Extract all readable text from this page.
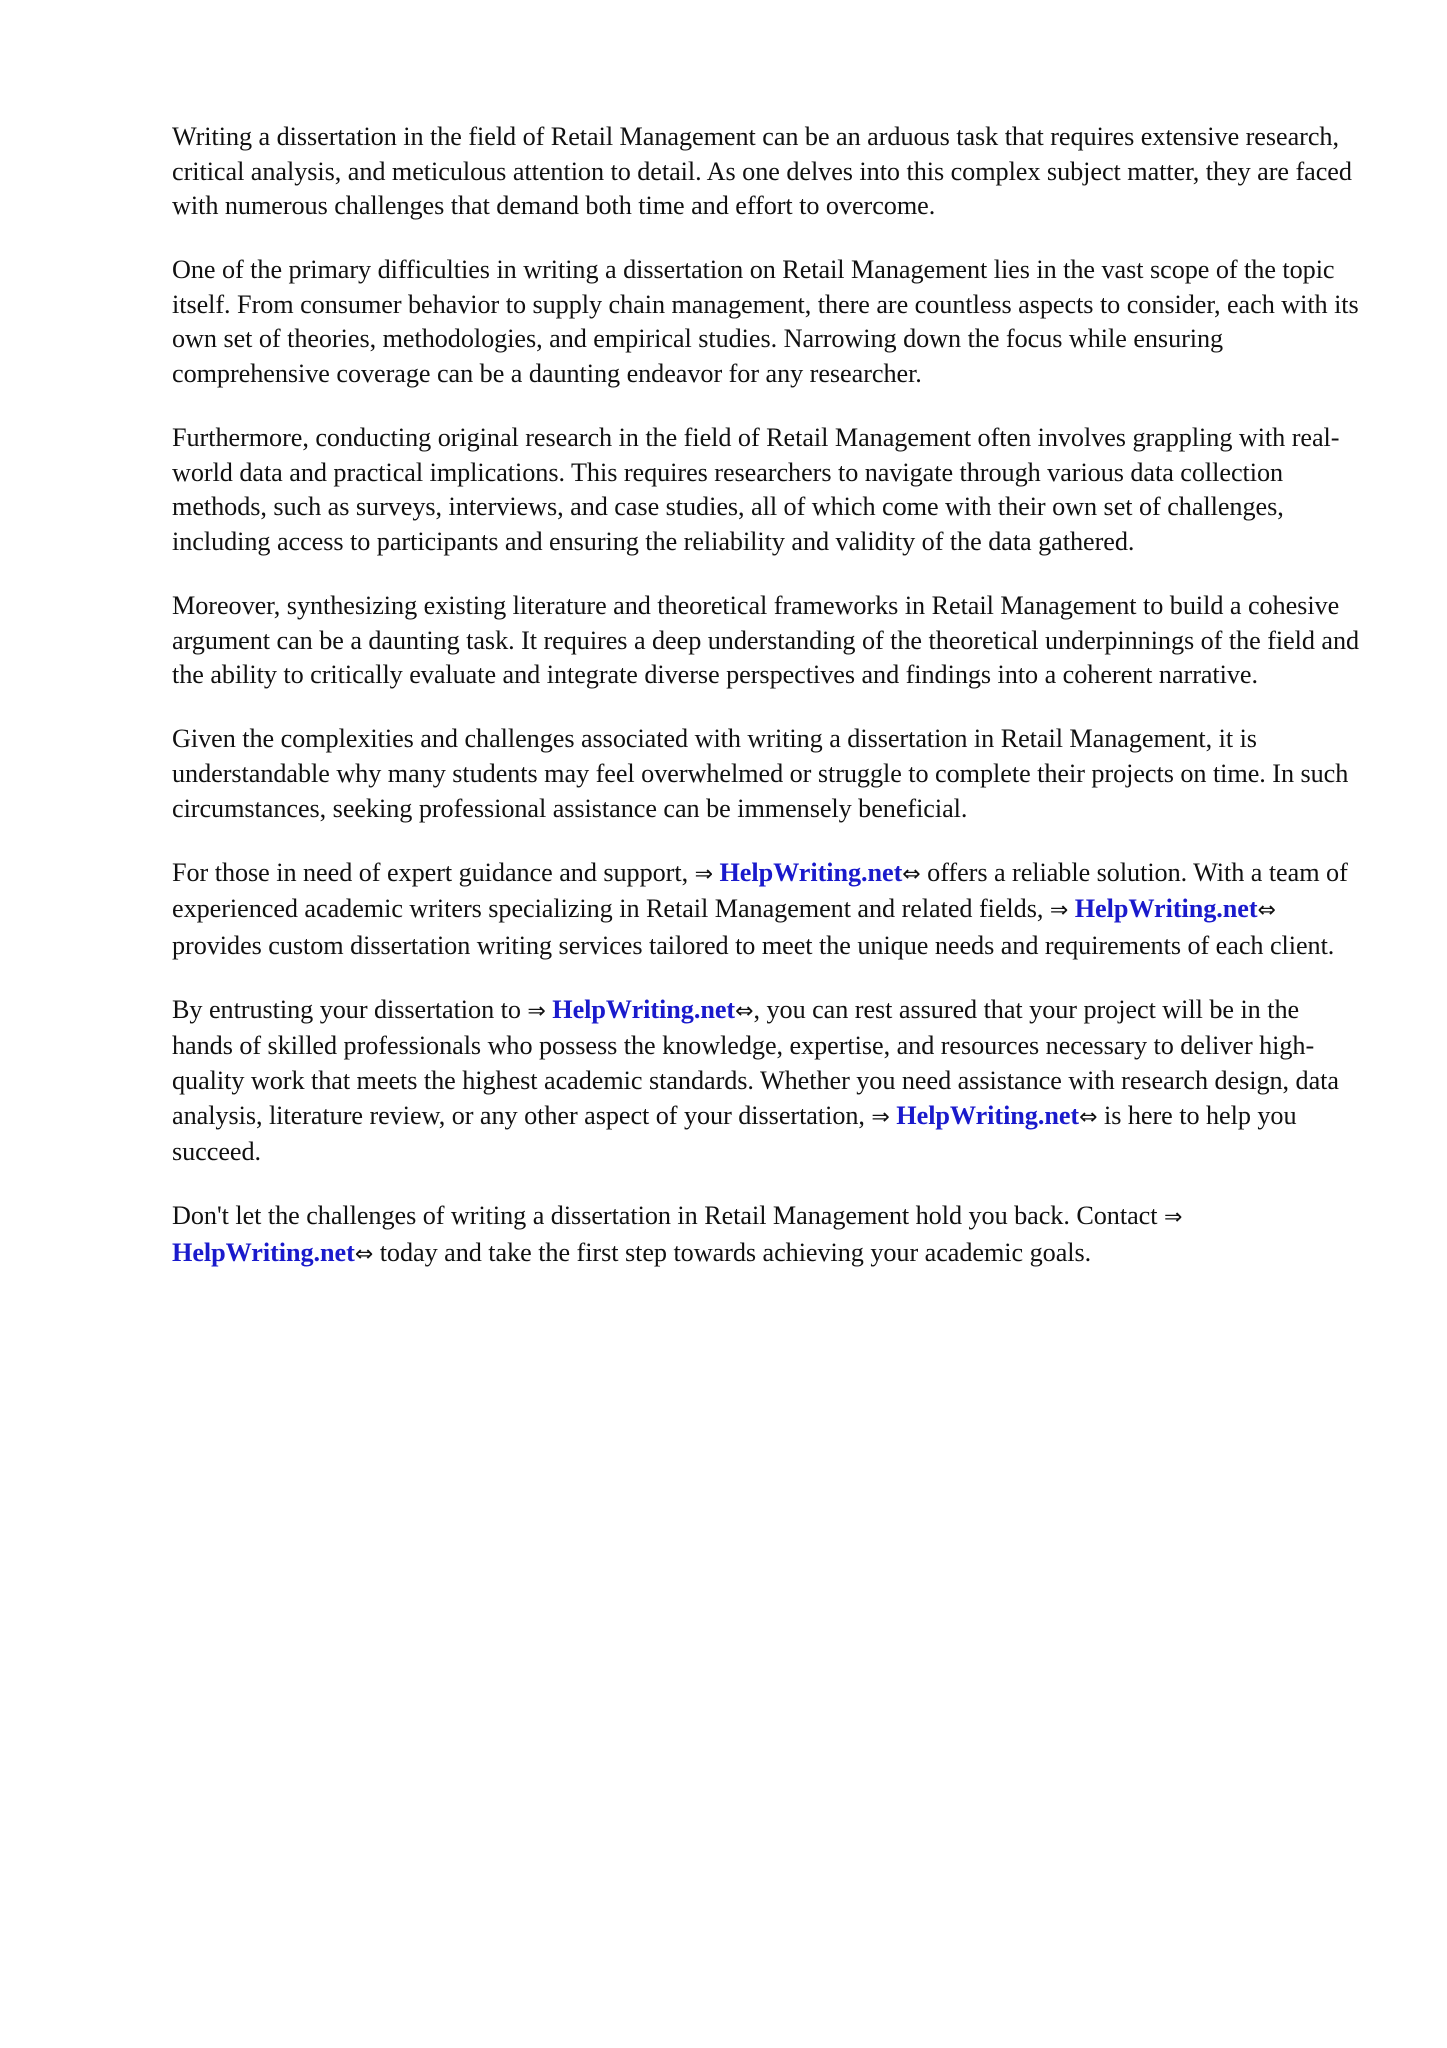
Writing a dissertation in the field of Retail Management can be an arduous task that requires extensive research, critical analysis, and meticulous attention to detail. As one delves into this complex subject matter, they are faced with numerous challenges that demand both time and effort to overcome.

One of the primary difficulties in writing a dissertation on Retail Management lies in the vast scope of the topic itself. From consumer behavior to supply chain management, there are countless aspects to consider, each with its own set of theories, methodologies, and empirical studies. Narrowing down the focus while ensuring comprehensive coverage can be a daunting endeavor for any researcher.

Furthermore, conducting original research in the field of Retail Management often involves grappling with real-world data and practical implications. This requires researchers to navigate through various data collection methods, such as surveys, interviews, and case studies, all of which come with their own set of challenges, including access to participants and ensuring the reliability and validity of the data gathered.

Moreover, synthesizing existing literature and theoretical frameworks in Retail Management to build a cohesive argument can be a daunting task. It requires a deep understanding of the theoretical underpinnings of the field and the ability to critically evaluate and integrate diverse perspectives and findings into a coherent narrative.

Given the complexities and challenges associated with writing a dissertation in Retail Management, it is understandable why many students may feel overwhelmed or struggle to complete their projects on time. In such circumstances, seeking professional assistance can be immensely beneficial.

For those in need of expert guidance and support, ⇒ HelpWriting.net⇔ offers a reliable solution. With a team of experienced academic writers specializing in Retail Management and related fields, ⇒ HelpWriting.net⇔ provides custom dissertation writing services tailored to meet the unique needs and requirements of each client.

By entrusting your dissertation to ⇒ HelpWriting.net⇔, you can rest assured that your project will be in the hands of skilled professionals who possess the knowledge, expertise, and resources necessary to deliver high-quality work that meets the highest academic standards. Whether you need assistance with research design, data analysis, literature review, or any other aspect of your dissertation, ⇒ HelpWriting.net⇔ is here to help you succeed.

Don't let the challenges of writing a dissertation in Retail Management hold you back. Contact ⇒ HelpWriting.net⇔ today and take the first step towards achieving your academic goals.
